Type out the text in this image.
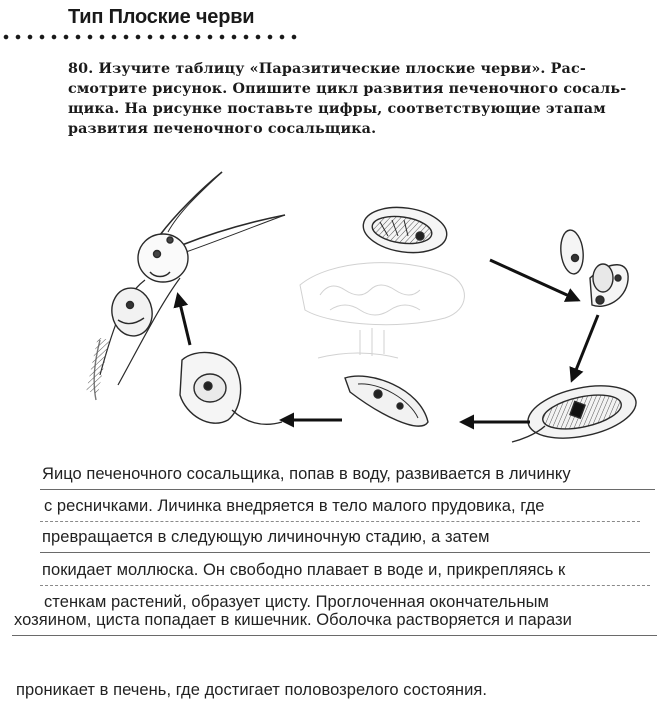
Тип Плоские черви
80. Изучите таблицу «Паразитические плоские черви». Рас-
смотрите рисунок. Опишите цикл развития печеночного сосаль-
щика. На рисунке поставьте цифры, соответствующие этапам
развития печеночного сосальщика.
Яицо печеночного сосальщика, попав в воду, развивается в личинку
с ресничками. Личинка внедряется в тело малого прудовика, где
превращается в следующую личиночную стадию, а затем
покидает моллюска. Он свободно плавает в воде и, прикрепляясь к
стенкам растений, образует цисту. Проглоченная окончательным
хозяином, циста попадает в кишечник. Оболочка растворяется и парази
проникает в печень, где достигает половозрелого состояния.
